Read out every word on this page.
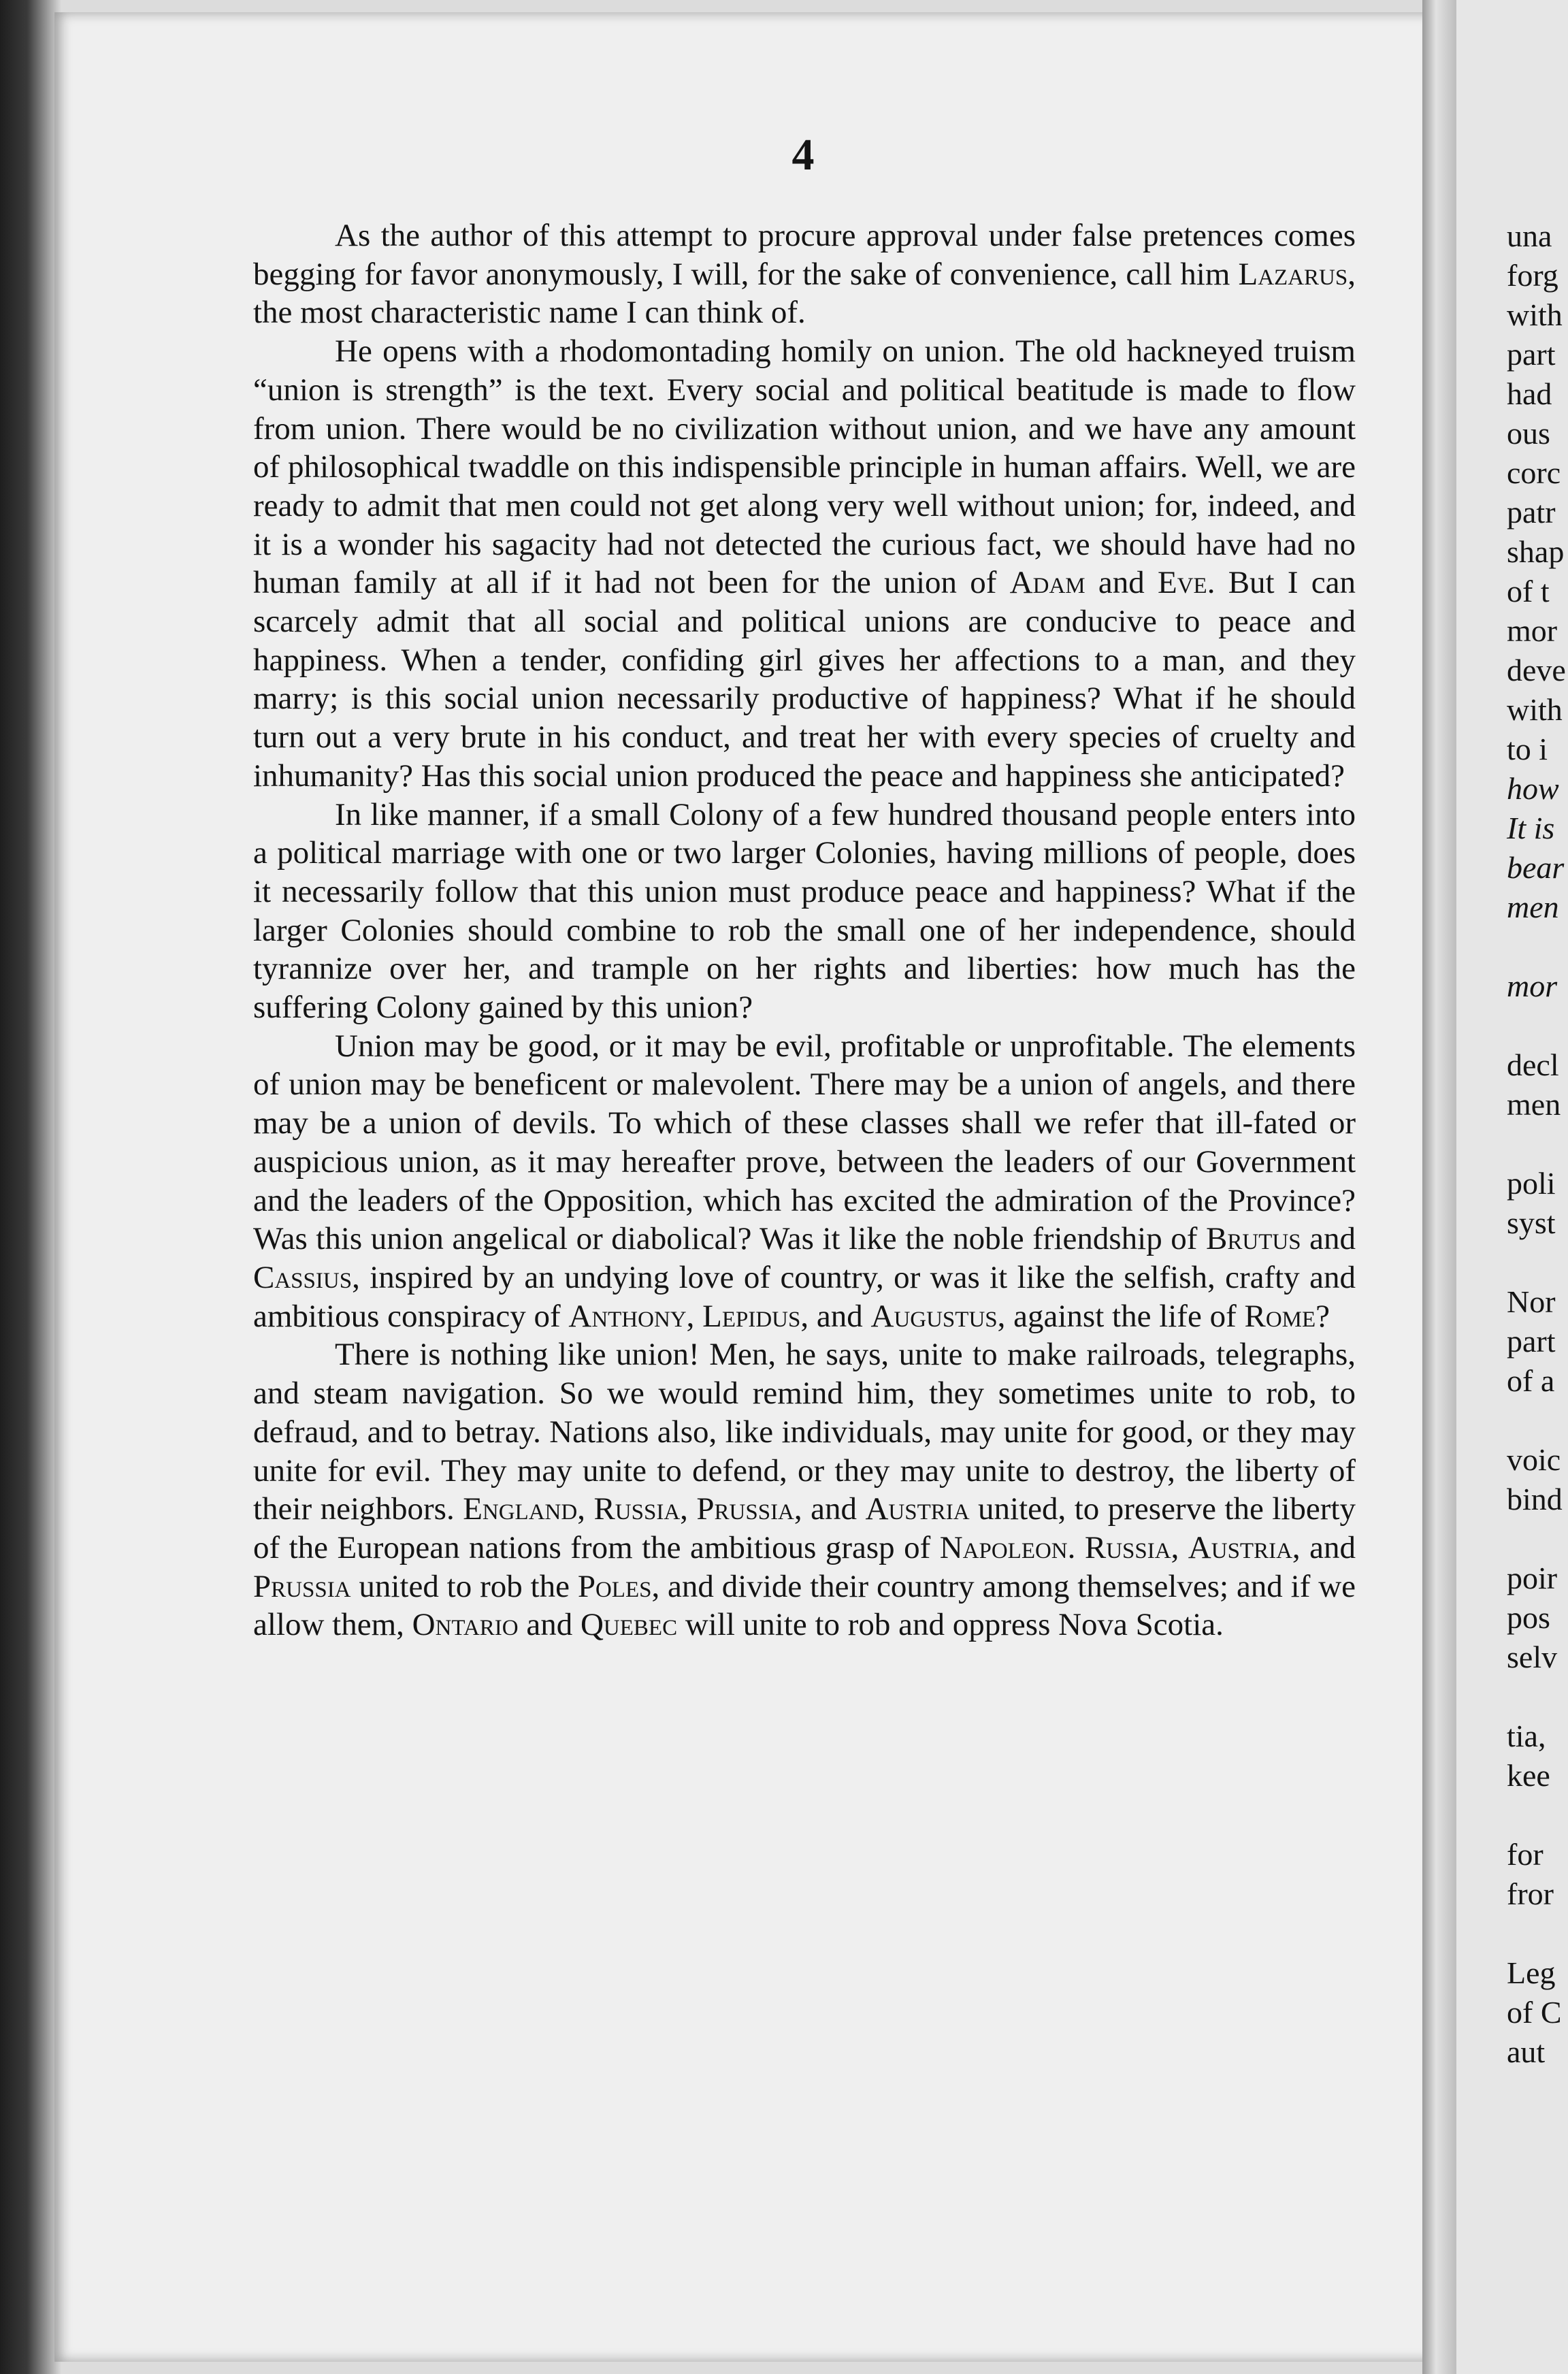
4

As the author of this attempt to procure approval under false pretences comes begging for favor anonymously, I will, for the sake of convenience, call him Lazarus, the most characteristic name I can think of.

He opens with a rhodomontading homily on union. The old hackneyed truism “union is strength” is the text. Every social and political beatitude is made to flow from union. There would be no civilization without union, and we have any amount of philosophical twaddle on this indispensible principle in human affairs. Well, we are ready to admit that men could not get along very well without union; for, indeed, and it is a wonder his sagacity had not detected the curious fact, we should have had no human family at all if it had not been for the union of Adam and Eve. But I can scarcely admit that all social and political unions are conducive to peace and happiness. When a tender, confiding girl gives her affections to a man, and they marry; is this social union necessarily productive of happiness? What if he should turn out a very brute in his conduct, and treat her with every species of cruelty and inhumanity? Has this social union produced the peace and happiness she anticipated?

In like manner, if a small Colony of a few hundred thousand people enters into a political marriage with one or two larger Colonies, having millions of people, does it necessarily follow that this union must produce peace and happiness? What if the larger Colonies should combine to rob the small one of her independence, should tyrannize over her, and trample on her rights and liberties: how much has the suffering Colony gained by this union?

Union may be good, or it may be evil, profitable or unprofitable. The elements of union may be beneficent or malevolent. There may be a union of angels, and there may be a union of devils. To which of these classes shall we refer that ill-fated or auspicious union, as it may hereafter prove, between the leaders of our Government and the leaders of the Opposition, which has excited the admiration of the Province? Was this union angelical or diabolical? Was it like the noble friendship of Brutus and Cassius, inspired by an undying love of country, or was it like the selfish, crafty and ambitious conspiracy of Anthony, Lepidus, and Augustus, against the life of Rome?

There is nothing like union! Men, he says, unite to make railroads, telegraphs, and steam navigation. So we would remind him, they sometimes unite to rob, to defraud, and to betray. Nations also, like individuals, may unite for good, or they may unite for evil. They may unite to defend, or they may unite to destroy, the liberty of their neighbors. England, Russia, Prussia, and Austria united, to preserve the liberty of the European nations from the ambitious grasp of Napoleon. Russia, Austria, and Prussia united to rob the Poles, and divide their country among themselves; and if we allow them, Ontario and Quebec will unite to rob and oppress Nova Scotia.

una
forg
with
part
had
ous
corc
patr
shap
of t
mor
deve
with
to i
how
It is
bear
men
mor
decl
men
poli
syst
Nor
part
of a
voic
bind
poir
pos
selv
tia,
kee
for
fror
Leg
of C
aut
